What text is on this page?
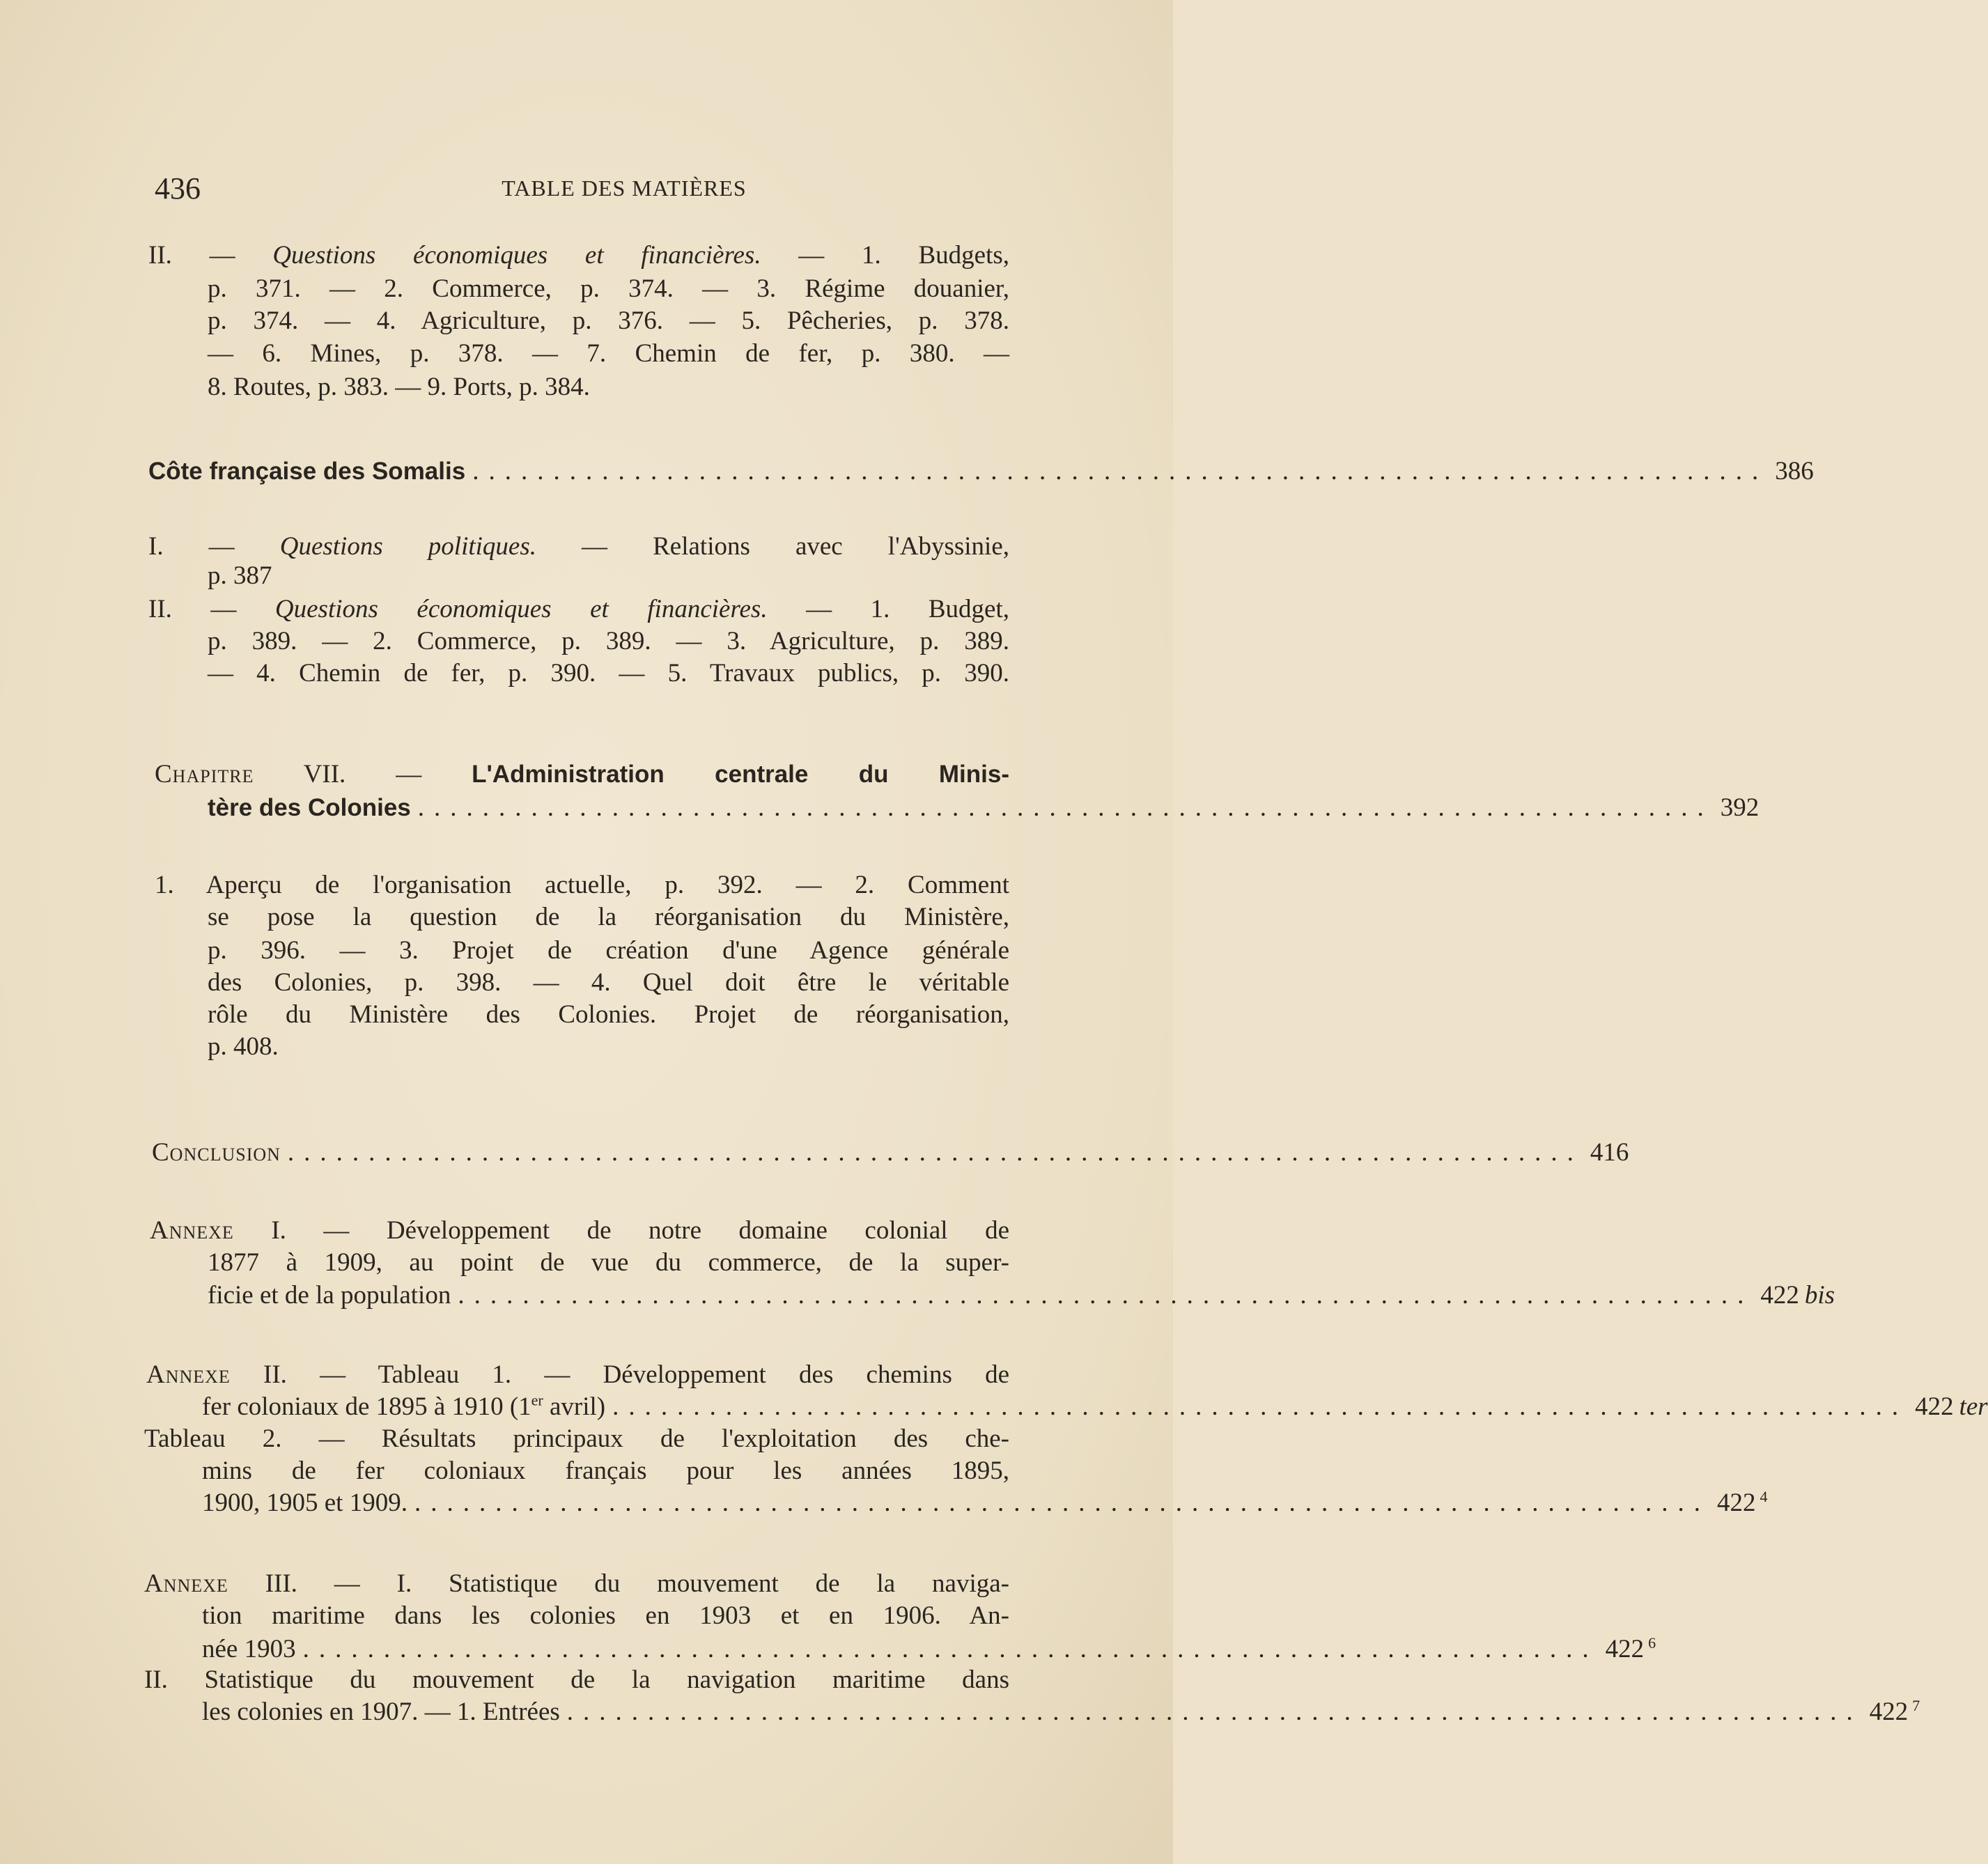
436	TABLE DES MATIÈRES
II. — Questions économiques et financières. — 1. Budgets,
p. 371. — 2. Commerce, p. 374. — 3. Régime douanier,
p. 374. — 4. Agriculture, p. 376. — 5. Pêcheries, p. 378.
— 6. Mines, p. 378. — 7. Chemin de fer, p. 380. —
8. Routes, p. 383. — 9. Ports, p. 384.
Côte française des Somalis ................................................................................ 386
I. — Questions politiques. — Relations avec l'Abyssinie,
p. 387
II. — Questions économiques et financières. — 1. Budget,
p. 389. — 2. Commerce, p. 389. — 3. Agriculture, p. 389.
— 4. Chemin de fer, p. 390. — 5. Travaux publics, p. 390.
Chapitre VII. — L'Administration centrale du Minis-
tère des Colonies ................................................................................ 392
1. Aperçu de l'organisation actuelle, p. 392. — 2. Comment
se pose la question de la réorganisation du Ministère,
p. 396. — 3. Projet de création d'une Agence générale
des Colonies, p. 398. — 4. Quel doit être le véritable
rôle du Ministère des Colonies. Projet de réorganisation,
p. 408.
Conclusion ................................................................................ 416
Annexe I. — Développement de notre domaine colonial de
1877 à 1909, au point de vue du commerce, de la super-
ficie et de la population ................................................................................ 422 bis
Annexe II. — Tableau 1. — Développement des chemins de
fer coloniaux de 1895 à 1910 (1er avril) ................................................................................ 422 ter
Tableau 2. — Résultats principaux de l'exploitation des che-
mins de fer coloniaux français pour les années 1895,
1900, 1905 et 1909. ................................................................................ 422 $^4$
Annexe III. — I. Statistique du mouvement de la naviga-
tion maritime dans les colonies en 1903 et en 1906. An-
née 1903 ................................................................................ 422 $^6$
II. Statistique du mouvement de la navigation maritime dans
les colonies en 1907. — 1. Entrées ................................................................................ 422 $^7$
